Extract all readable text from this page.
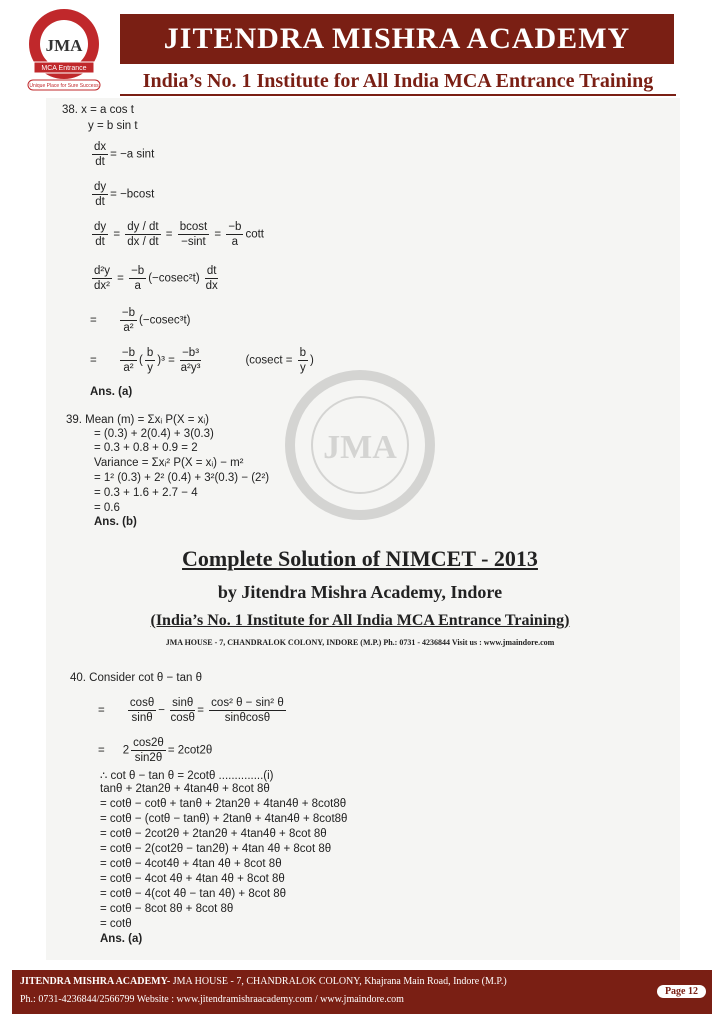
JMA
MCA Entrance
Unique Place for Sure Success
JITENDRA MISHRA ACADEMY
India’s No. 1 Institute for All India MCA Entrance Training
JMA
38. x = a cos t
y = b sin t
$\frac{dx}{dt} = -a$ sint
$\frac{dy}{dt} = -bcost$
$\frac{dy}{dt} = \frac{dy / dt}{dx / dt} = \frac{bcost}{-\sin t} = \frac{-b}{a}$ cott
$\frac{\text{d²y}}{\text{dx²}} = \frac{-b}{a} (-cosec^2t) \frac{dt}{dx}$
= $\frac{-b}{\text{a²}} (-cosec^3t)$
= $\frac{-b}{\text{a²}}$ ( $\frac{b}{y} )^3 = \frac{\text{−b³}}{\text{a²y³}}$	($cosect = \frac{b}{y}$ )
Ans. (a)
39. Mean (m) = Σxᵢ P(X = xᵢ)
= (0.3) + 2(0.4) + 3(0.3)
= 0.3 + 0.8 + 0.9 = 2
Variance = Σxᵢ² P(X = xᵢ) − m²
= 1² (0.3) + 2² (0.4) + 3²(0.3) − (2²)
= 0.3 + 1.6 + 2.7 − 4
= 0.6
Ans. (b)
Complete Solution of NIMCET - 2013
by Jitendra Mishra Academy, Indore
(India’s No. 1 Institute for All India MCA Entrance Training)
JMA HOUSE - 7, CHANDRALOK COLONY, INDORE (M.P.) Ph.: 0731 - 4236844 Visit us : www.jmaindore.com
40. Consider cot θ − tan θ
= $\frac{\cos\theta}{\sin\theta} - \frac{\sin\theta}{\cos\theta} = \frac{\text{cos² θ − sin² θ}}{\sin\theta\cos\theta}$
= $2 \frac{\cos 2\theta}{\sin 2\theta} = 2\cot 2\theta$
∴ cot θ − tan θ = 2cotθ ..............(i)
tanθ + 2tan2θ + 4tan4θ + 8cot 8θ
= cotθ − cotθ + tanθ + 2tan2θ + 4tan4θ + 8cot8θ
= cotθ − (cotθ − tanθ) + 2tanθ + 4tan4θ + 8cot8θ
= cotθ − 2cot2θ + 2tan2θ + 4tan4θ + 8cot 8θ
= cotθ − 2(cot2θ − tan2θ) + 4tan 4θ + 8cot 8θ
= cotθ − 4cot4θ + 4tan 4θ + 8cot 8θ
= cotθ − 4cot 4θ + 4tan 4θ + 8cot 8θ
= cotθ − 4(cot 4θ − tan 4θ) + 8cot 8θ
= cotθ − 8cot 8θ + 8cot 8θ
= cotθ
Ans. (a)
JITENDRA MISHRA ACADEMY- JMA HOUSE - 7, CHANDRALOK COLONY, Khajrana Main Road, Indore (M.P.)
Ph.: 0731-4236844/2566799 Website : www.jitendramishraacademy.com / www.jmaindore.com
Page 12
